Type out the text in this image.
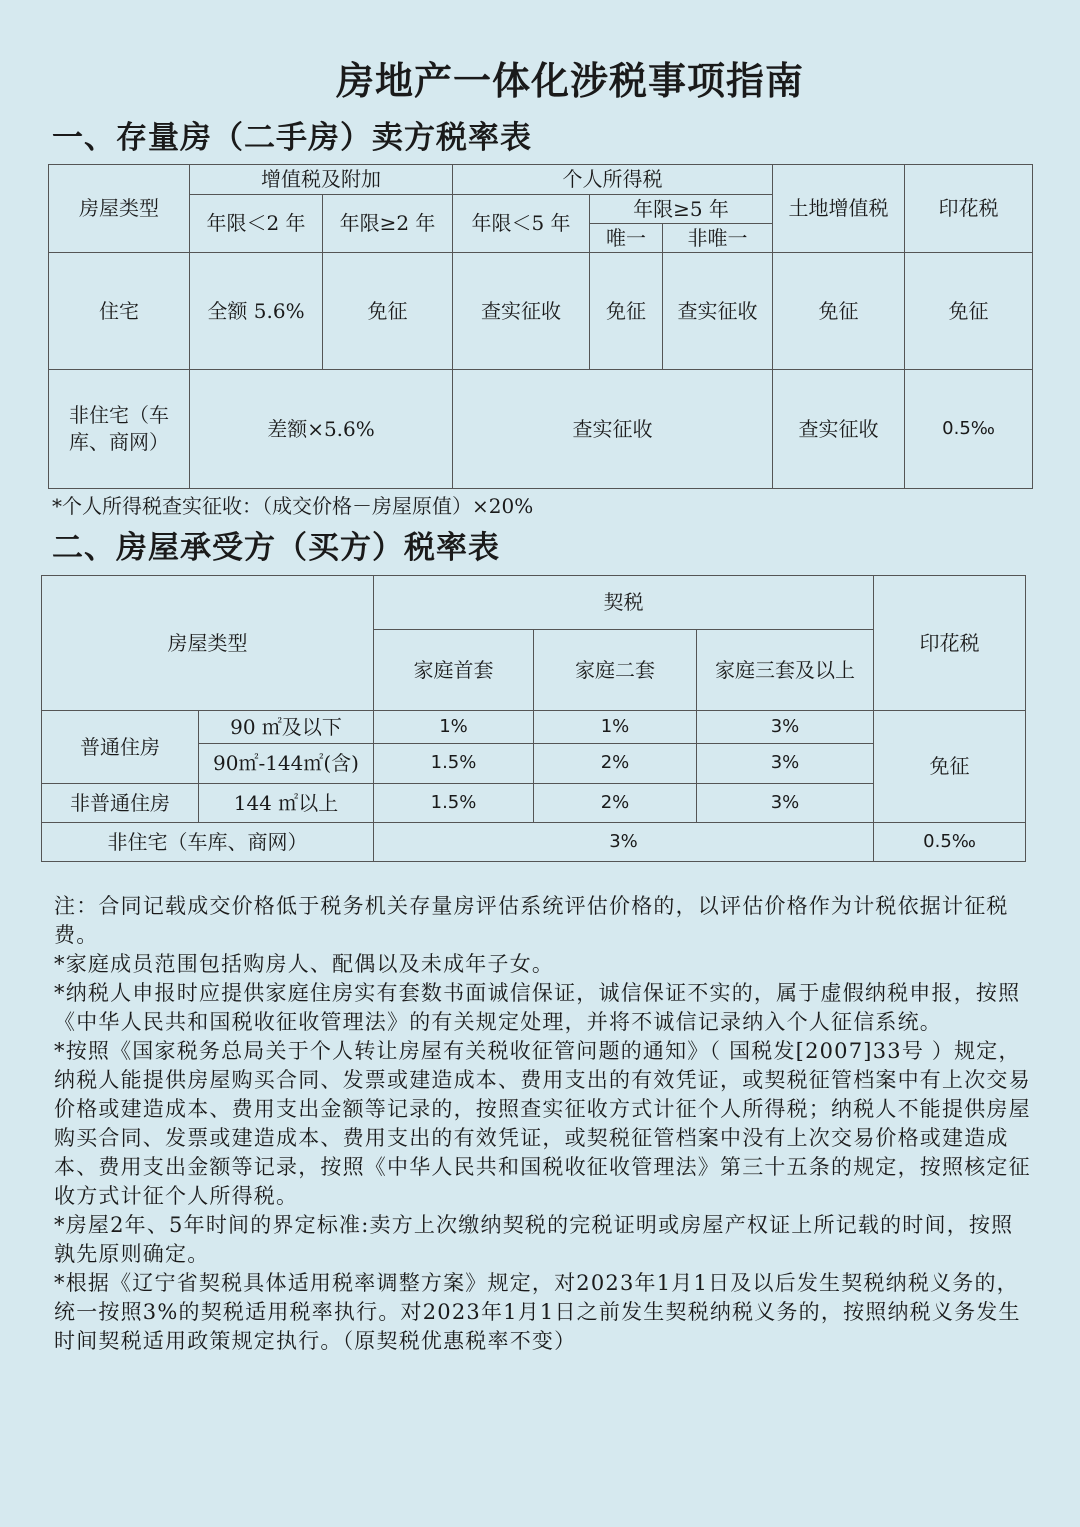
房地产一体化涉税事项指南
一、存量房（二手房）卖方税率表
房屋类型	增值税及附加		个人所得税			土地增值税	印花税
	年限＜2 年	年限≥2 年	年限＜5 年	年限≥5 年			
				唯一	非唯一		
住宅	全额 5.6%	免征	查实征收	免征	查实征收	免征	免征
非住宅（车库、商网）	差额×5.6%		查实征收			查实征收	0.5‰
*个人所得税查实征收：（成交价格－房屋原值）×20%
二、房屋承受方（买方）税率表
房屋类型		契税			印花税
		家庭首套	家庭二套	家庭三套及以上	
普通住房	90 ㎡及以下	1%	1%	3%	免征
	90㎡-144㎡(含)	1.5%	2%	3%	
非普通住房	144 ㎡以上	1.5%	2%	3%	
非住宅（车库、商网）		3%			0.5‰

注：合同记载成交价格低于税务机关存量房评估系统评估价格的，以评估价格作为计税依据计征税费。

*家庭成员范围包括购房人、配偶以及未成年子女。

*纳税人申报时应提供家庭住房实有套数书面诚信保证，诚信保证不实的，属于虚假纳税申报，按照《中华人民共和国税收征收管理法》的有关规定处理，并将不诚信记录纳入个人征信系统。

*按照《国家税务总局关于个人转让房屋有关税收征管问题的通知》（ 国税发[2007]33号 ）规定，纳税人能提供房屋购买合同、发票或建造成本、费用支出的有效凭证，或契税征管档案中有上次交易价格或建造成本、费用支出金额等记录的，按照查实征收方式计征个人所得税；纳税人不能提供房屋购买合同、发票或建造成本、费用支出的有效凭证，或契税征管档案中没有上次交易价格或建造成本、费用支出金额等记录，按照《中华人民共和国税收征收管理法》第三十五条的规定，按照核定征收方式计征个人所得税。

*房屋2年、5年时间的界定标准:卖方上次缴纳契税的完税证明或房屋产权证上所记载的时间，按照孰先原则确定。

*根据《辽宁省契税具体适用税率调整方案》规定，对2023年1月1日及以后发生契税纳税义务的，统一按照3%的契税适用税率执行。对2023年1月1日之前发生契税纳税义务的，按照纳税义务发生时间契税适用政策规定执行。（原契税优惠税率不变）
